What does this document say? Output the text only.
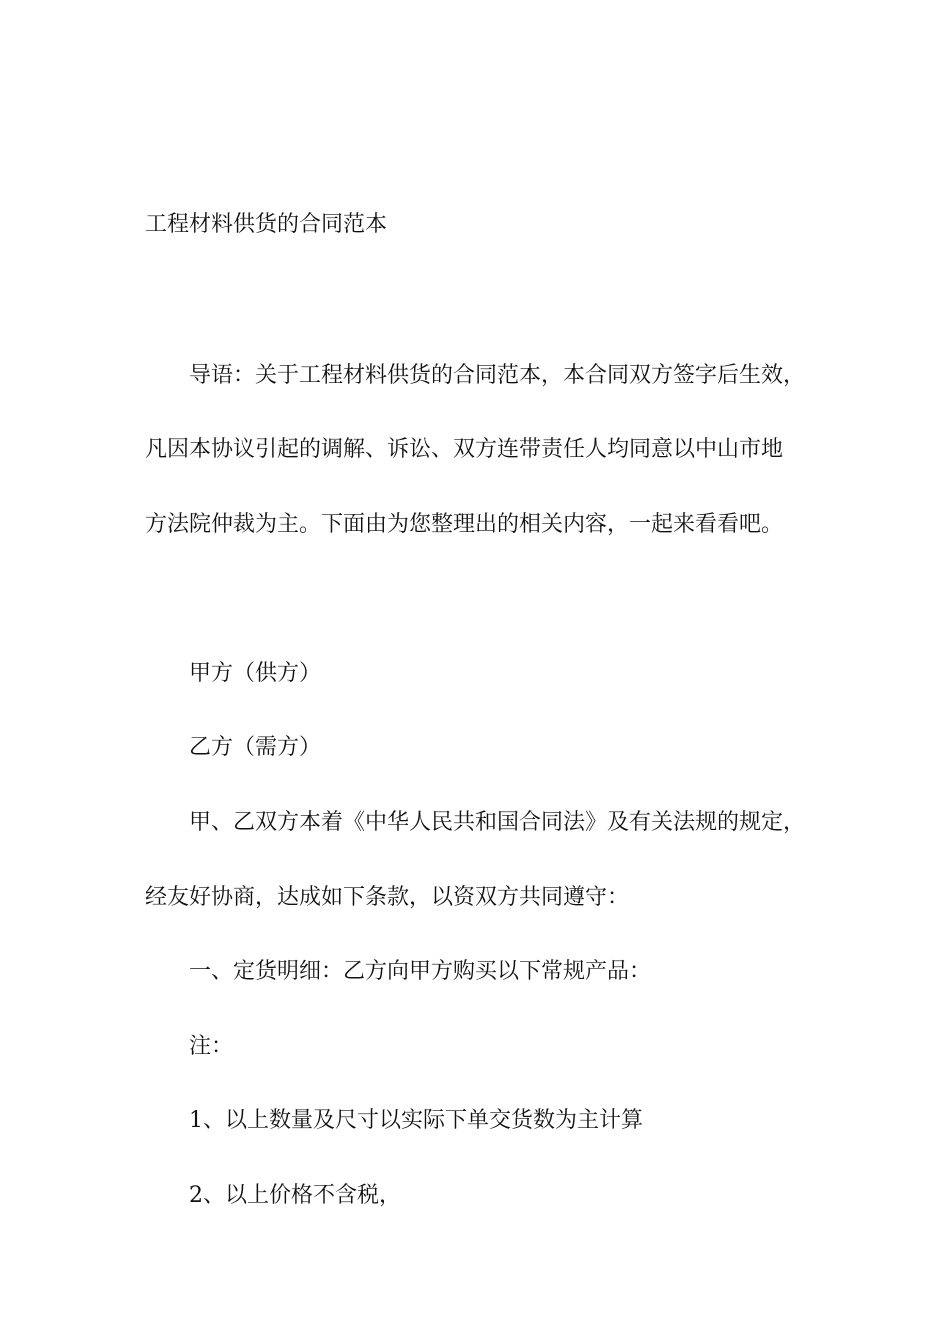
工程材料供货的合同范本
导语：关于工程材料供货的合同范本，本合同双方签字后生效，
凡因本协议引起的调解、诉讼、双方连带责任人均同意以中山市地
方法院仲裁为主。下面由为您整理出的相关内容，一起来看看吧。
甲方（供方）
乙方（需方）
甲、乙双方本着《中华人民共和国合同法》及有关法规的规定，
经友好协商，达成如下条款，以资双方共同遵守：
一、定货明细：乙方向甲方购买以下常规产品：
注：
1、以上数量及尺寸以实际下单交货数为主计算
2、以上价格不含税，
